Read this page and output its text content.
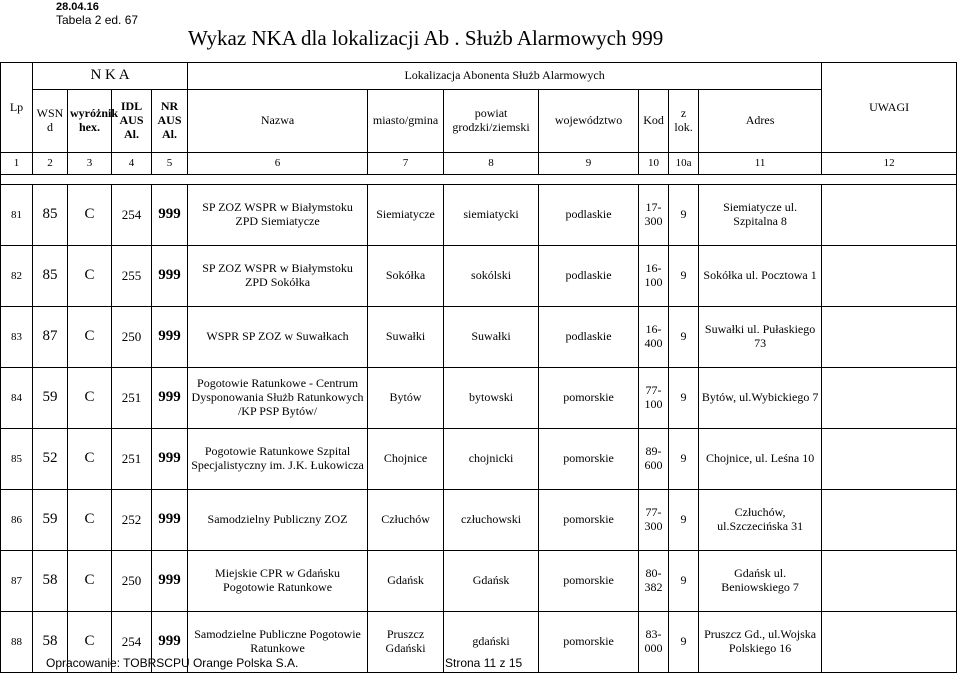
28.04.16
Tabela 2 ed. 67
Wykaz NKA dla lokalizacji Ab . Służb Alarmowych 999
Lp	N K A				Lokalizacja Abonenta Służb Alarmowych							UWAGI
	WSN d	wyróżnik hex.	IDL AUS Al.	NR AUS Al.	Nazwa	miasto/gmina	powiat grodzki/ziemski	województwo	Kod	z lok.	Adres	
1	2	3	4	5	6	7	8	9	10	10a	11	12

81	85	C	254	999	SP ZOZ WSPR w Białymstoku ZPD Siemiatycze	Siemiatycze	siemiatycki	podlaskie	17-300	9	Siemiatycze ul. Szpitalna 8	
82	85	C	255	999	SP ZOZ WSPR w Białymstoku ZPD Sokółka	Sokółka	sokólski	podlaskie	16-100	9	Sokółka ul. Pocztowa 1	
83	87	C	250	999	WSPR SP ZOZ w Suwałkach	Suwałki	Suwałki	podlaskie	16-400	9	Suwałki ul. Pułaskiego 73	
84	59	C	251	999	Pogotowie Ratunkowe - Centrum Dysponowania Służb Ratunkowych /KP PSP Bytów/	Bytów	bytowski	pomorskie	77-100	9	Bytów, ul.Wybickiego 7	
85	52	C	251	999	Pogotowie Ratunkowe Szpital Specjalistyczny im. J.K. Łukowicza	Chojnice	chojnicki	pomorskie	89-600	9	Chojnice, ul. Leśna 10	
86	59	C	252	999	Samodzielny Publiczny ZOZ	Człuchów	człuchowski	pomorskie	77-300	9	Człuchów, ul.Szczecińska 31	
87	58	C	250	999	Miejskie CPR w Gdańsku Pogotowie Ratunkowe	Gdańsk	Gdańsk	pomorskie	80-382	9	Gdańsk ul. Beniowskiego 7	
88	58	C	254	999	Samodzielne Publiczne Pogotowie Ratunkowe	Pruszcz Gdański	gdański	pomorskie	83-000	9	Pruszcz Gd., ul.Wojska Polskiego 16	
Opracowanie: TOBRSCPU Orange Polska S.A.	Strona 11 z 15
